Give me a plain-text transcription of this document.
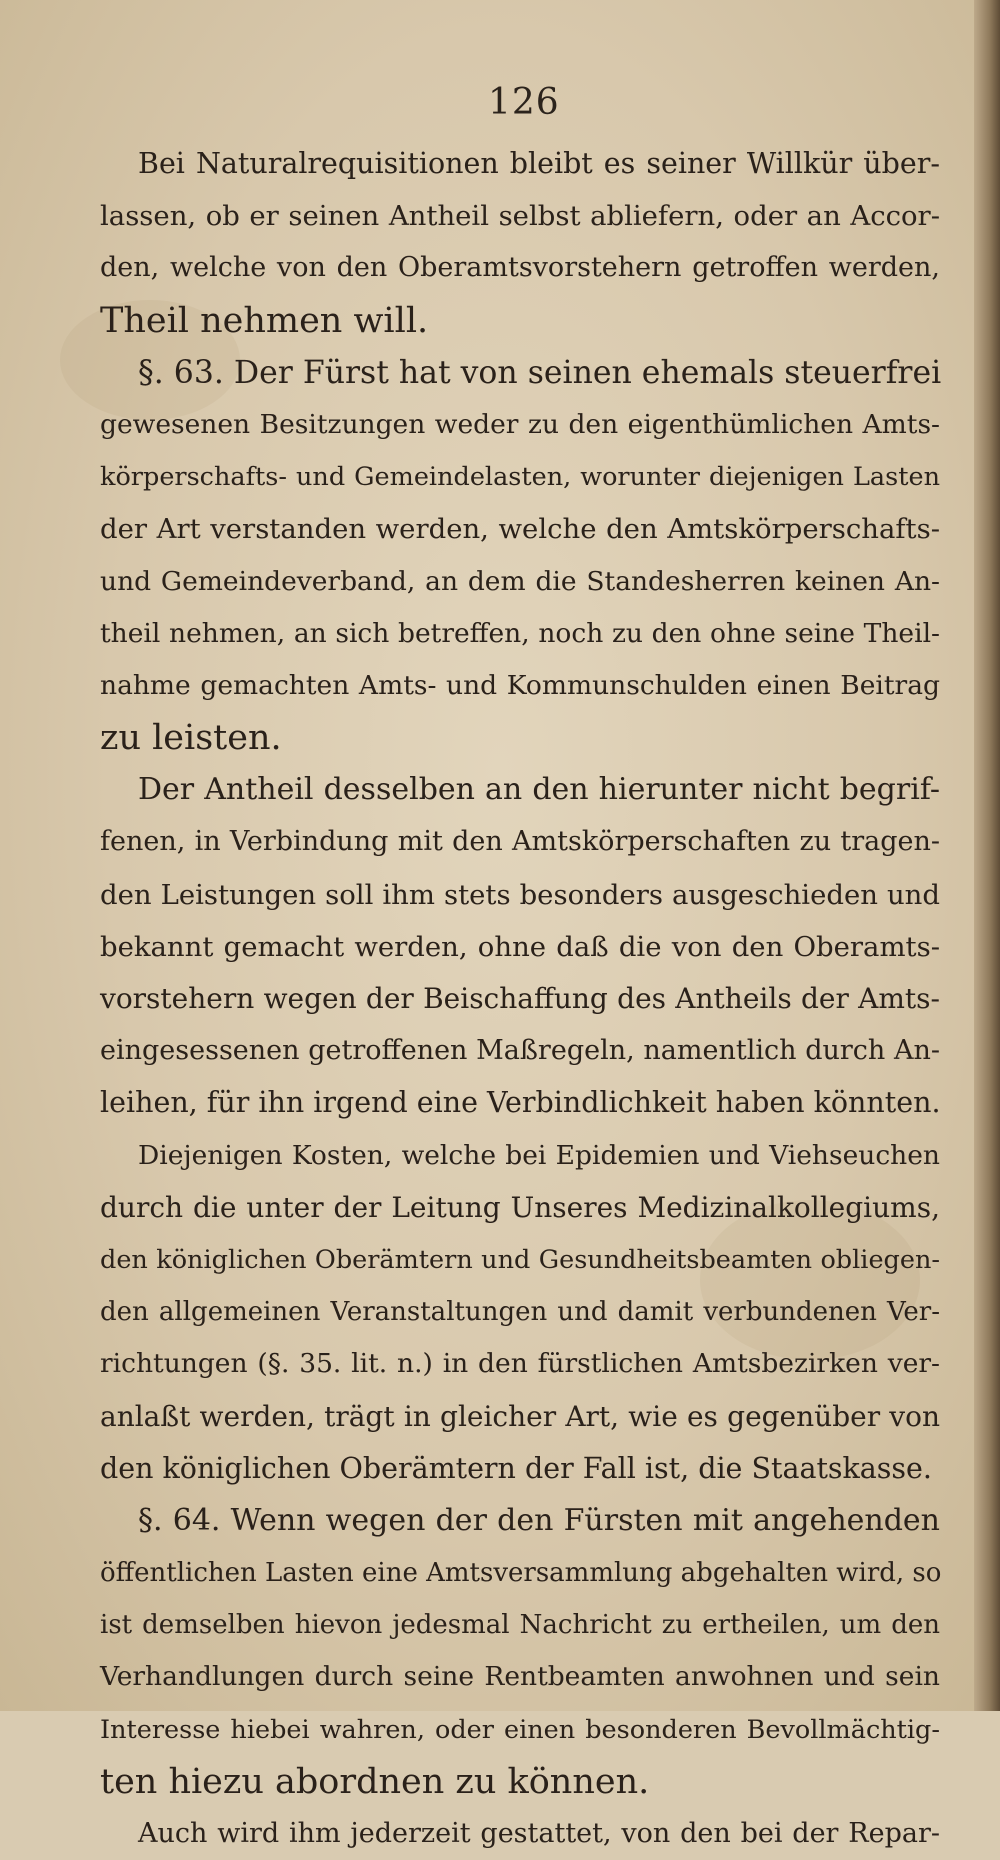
126
Bei Naturalrequisitionen bleibt es seiner Willkür über-
lassen, ob er seinen Antheil selbst abliefern, oder an Accor-
den, welche von den Oberamtsvorstehern getroffen werden,
Theil nehmen will.
§. 63. Der Fürst hat von seinen ehemals steuerfrei
gewesenen Besitzungen weder zu den eigenthümlichen Amts-
körperschafts- und Gemeindelasten, worunter diejenigen Lasten
der Art verstanden werden, welche den Amtskörperschafts-
und Gemeindeverband, an dem die Standesherren keinen An-
theil nehmen, an sich betreffen, noch zu den ohne seine Theil-
nahme gemachten Amts- und Kommunschulden einen Beitrag
zu leisten.
Der Antheil desselben an den hierunter nicht begrif-
fenen, in Verbindung mit den Amtskörperschaften zu tragen-
den Leistungen soll ihm stets besonders ausgeschieden und
bekannt gemacht werden, ohne daß die von den Oberamts-
vorstehern wegen der Beischaffung des Antheils der Amts-
eingesessenen getroffenen Maßregeln, namentlich durch An-
leihen, für ihn irgend eine Verbindlichkeit haben könnten.
Diejenigen Kosten, welche bei Epidemien und Viehseuchen
durch die unter der Leitung Unseres Medizinalkollegiums,
den königlichen Oberämtern und Gesundheitsbeamten obliegen-
den allgemeinen Veranstaltungen und damit verbundenen Ver-
richtungen (§. 35. lit. n.) in den fürstlichen Amtsbezirken ver-
anlaßt werden, trägt in gleicher Art, wie es gegenüber von
den königlichen Oberämtern der Fall ist, die Staatskasse.
§. 64. Wenn wegen der den Fürsten mit angehenden
öffentlichen Lasten eine Amtsversammlung abgehalten wird, so
ist demselben hievon jedesmal Nachricht zu ertheilen, um den
Verhandlungen durch seine Rentbeamten anwohnen und sein
Interesse hiebei wahren, oder einen besonderen Bevollmächtig-
ten hiezu abordnen zu können.
Auch wird ihm jederzeit gestattet, von den bei der Repar-
